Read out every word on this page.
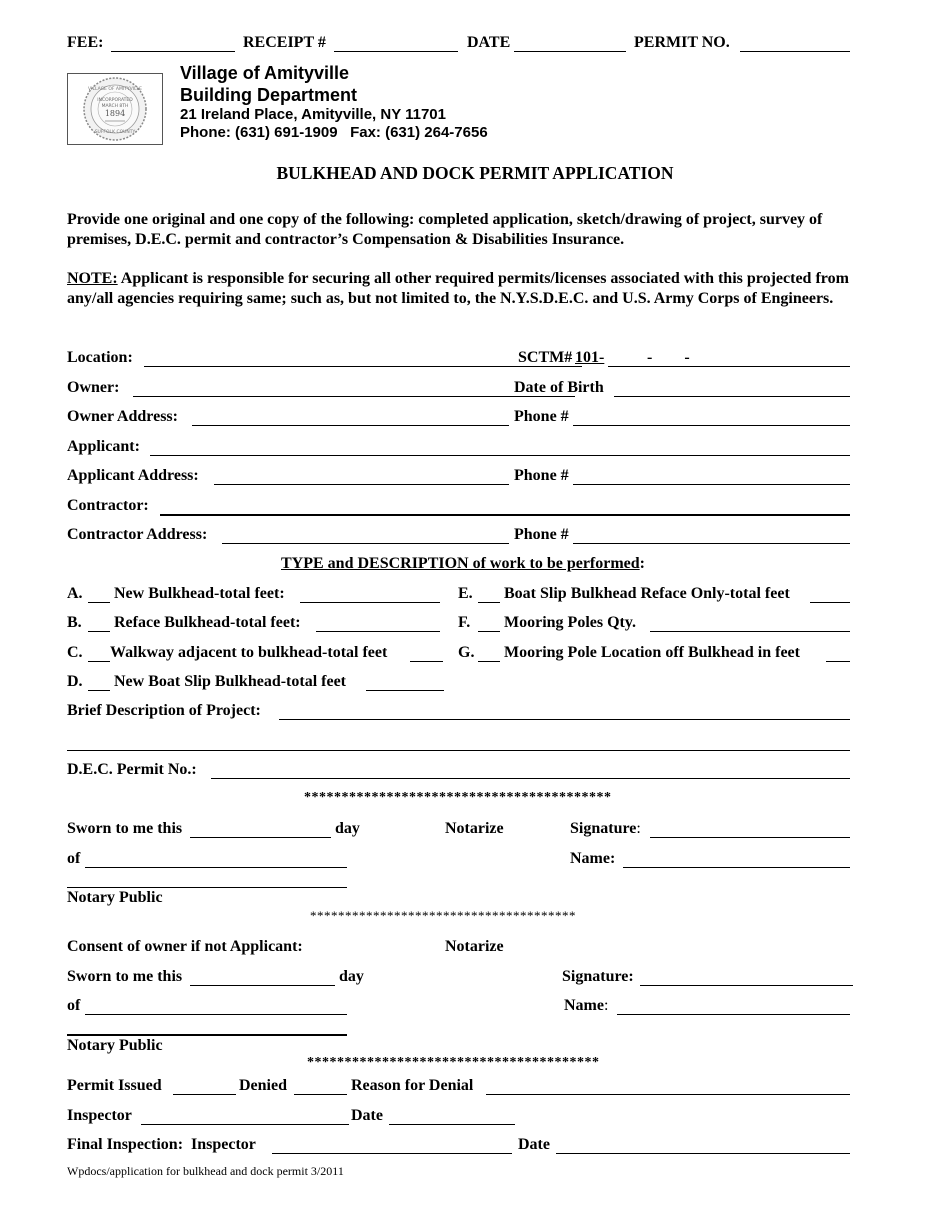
FEE:	RECEIPT #	DATE	PERMIT NO.
VILLAGE OF AMITYVILLE
INCORPORATED
MARCH 8TH
1894
SUFFOLK COUNTY
Village of Amityville
Building Department
21 Ireland Place, Amityville, NY 11701
Phone: (631) 691-1909   Fax: (631) 264-7656
BULKHEAD AND DOCK PERMIT APPLICATION
Provide one original and one copy of the following: completed application, sketch/drawing of project, survey of premises, D.E.C. permit and contractor’s Compensation & Disabilities Insurance.
NOTE: Applicant is responsible for securing all other required permits/licenses associated with this projected from any/all agencies requiring same; such as, but not limited to, the N.Y.S.D.E.C. and U.S. Army Corps of Engineers.
Location:	SCTM# 101-	-        -
Owner:	Date of Birth
Owner Address:	Phone #
Applicant:
Applicant Address:	Phone #
Contractor:
Contractor Address:	Phone #
TYPE and DESCRIPTION of work to be performed:
A. New Bulkhead-total feet:	E. Boat Slip Bulkhead Reface Only-total feet
B. Reface Bulkhead-total feet:	F. Mooring Poles Qty.
C. Walkway adjacent to bulkhead-total feet	G. Mooring Pole Location off Bulkhead in feet
D. New Boat Slip Bulkhead-total feet
Brief Description of Project:
D.E.C. Permit No.:
*****************************************
Sworn to me this	day	Notarize	Signature:
of	Name:
Notary Public
**************************************
Consent of owner if not Applicant:	Notarize
Sworn to me this	day	Signature:
of	Name:
Notary Public
***************************************
Permit Issued	Denied	Reason for Denial
Inspector	Date
Final Inspection:  Inspector	Date
Wpdocs/application for bulkhead and dock permit 3/2011
